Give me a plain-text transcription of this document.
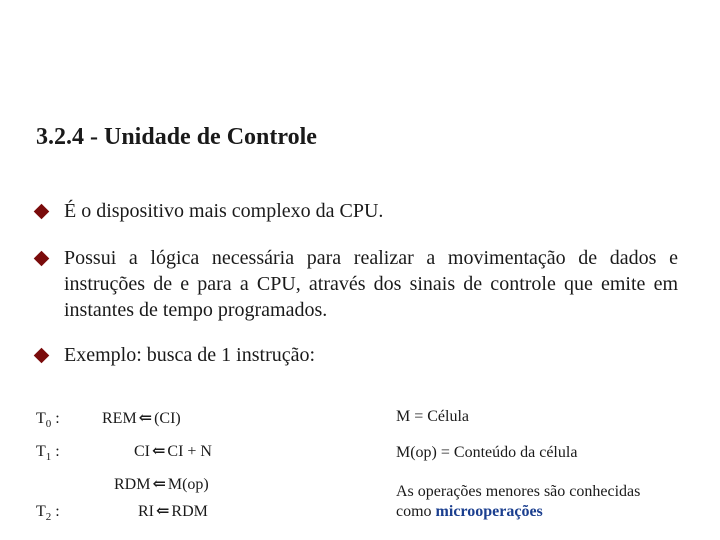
3.2.4 - Unidade de Controle
É o dispositivo mais complexo da CPU.
Possui a lógica necessária para realizar a movimentação de dados e instruções de e para a CPU, através dos sinais de controle que emite em instantes de tempo programados.
Exemplo: busca de 1 instrução:
$T_0$ :	REM ⇐ (CI)
$T_1$ :	CI ⇐ CI + N
RDM ⇐ M(op)
$T_2$ :	RI ⇐ RDM
M = Célula
M(op) = Conteúdo da célula
As operações menores são conhecidas
como microoperações
